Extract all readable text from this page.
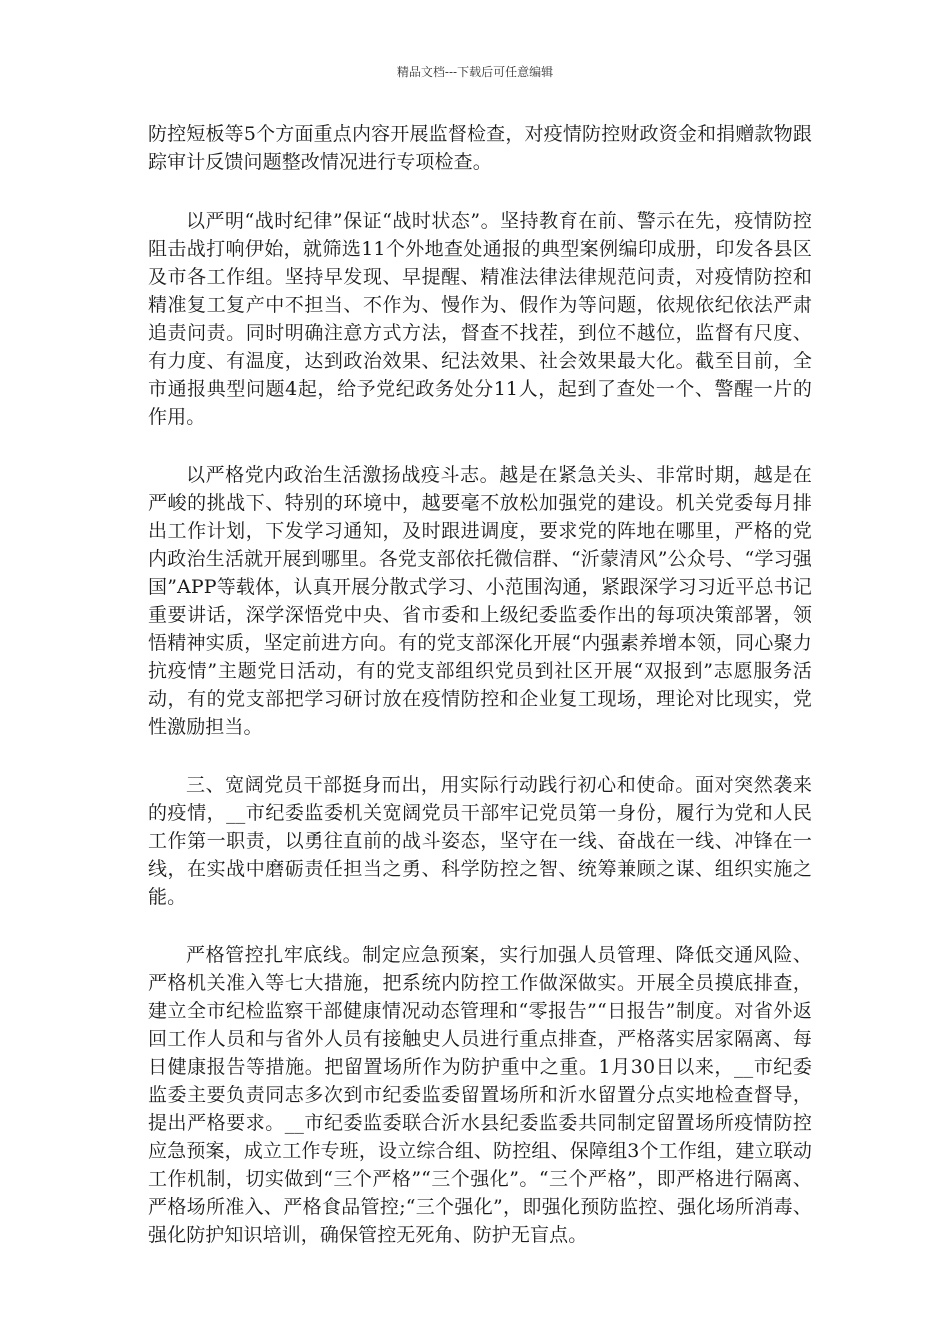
精品文档---下载后可任意编辑

防控短板等5个方面重点内容开展监督检查，对疫情防控财政资金和捐赠款物跟踪审计反馈问题整改情况进行专项检查。

以严明“战时纪律”保证“战时状态”。坚持教育在前、警示在先，疫情防控阻击战打响伊始，就筛选11个外地查处通报的典型案例编印成册，印发各县区及市各工作组。坚持早发现、早提醒、精准法律法律规范问责，对疫情防控和精准复工复产中不担当、不作为、慢作为、假作为等问题，依规依纪依法严肃追责问责。同时明确注意方式方法，督查不找茬，到位不越位，监督有尺度、有力度、有温度，达到政治效果、纪法效果、社会效果最大化。截至目前，全市通报典型问题4起，给予党纪政务处分11人，起到了查处一个、警醒一片的作用。

以严格党内政治生活激扬战疫斗志。越是在紧急关头、非常时期，越是在严峻的挑战下、特别的环境中，越要毫不放松加强党的建设。机关党委每月排出工作计划，下发学习通知，及时跟进调度，要求党的阵地在哪里，严格的党内政治生活就开展到哪里。各党支部依托微信群、“沂蒙清风”公众号、“学习强国”APP等载体，认真开展分散式学习、小范围沟通，紧跟深学习习近平总书记重要讲话，深学深悟党中央、省市委和上级纪委监委作出的每项决策部署，领悟精神实质，坚定前进方向。有的党支部深化开展“内强素养增本领，同心聚力抗疫情”主题党日活动，有的党支部组织党员到社区开展“双报到”志愿服务活动，有的党支部把学习研讨放在疫情防控和企业复工现场，理论对比现实，党性激励担当。

三、宽阔党员干部挺身而出，用实际行动践行初心和使命。面对突然袭来的疫情，__市纪委监委机关宽阔党员干部牢记党员第一身份，履行为党和人民工作第一职责，以勇往直前的战斗姿态，坚守在一线、奋战在一线、冲锋在一线，在实战中磨砺责任担当之勇、科学防控之智、统筹兼顾之谋、组织实施之能。

严格管控扎牢底线。制定应急预案，实行加强人员管理、降低交通风险、严格机关准入等七大措施，把系统内防控工作做深做实。开展全员摸底排查，建立全市纪检监察干部健康情况动态管理和“零报告”“日报告”制度。对省外返回工作人员和与省外人员有接触史人员进行重点排查，严格落实居家隔离、每日健康报告等措施。把留置场所作为防护重中之重。1月30日以来，__市纪委监委主要负责同志多次到市纪委监委留置场所和沂水留置分点实地检查督导，提出严格要求。__市纪委监委联合沂水县纪委监委共同制定留置场所疫情防控应急预案，成立工作专班，设立综合组、防控组、保障组3个工作组，建立联动工作机制，切实做到“三个严格”“三个强化”。“三个严格”，即严格进行隔离、严格场所准入、严格食品管控;“三个强化”，即强化预防监控、强化场所消毒、强化防护知识培训，确保管控无死角、防护无盲点。
